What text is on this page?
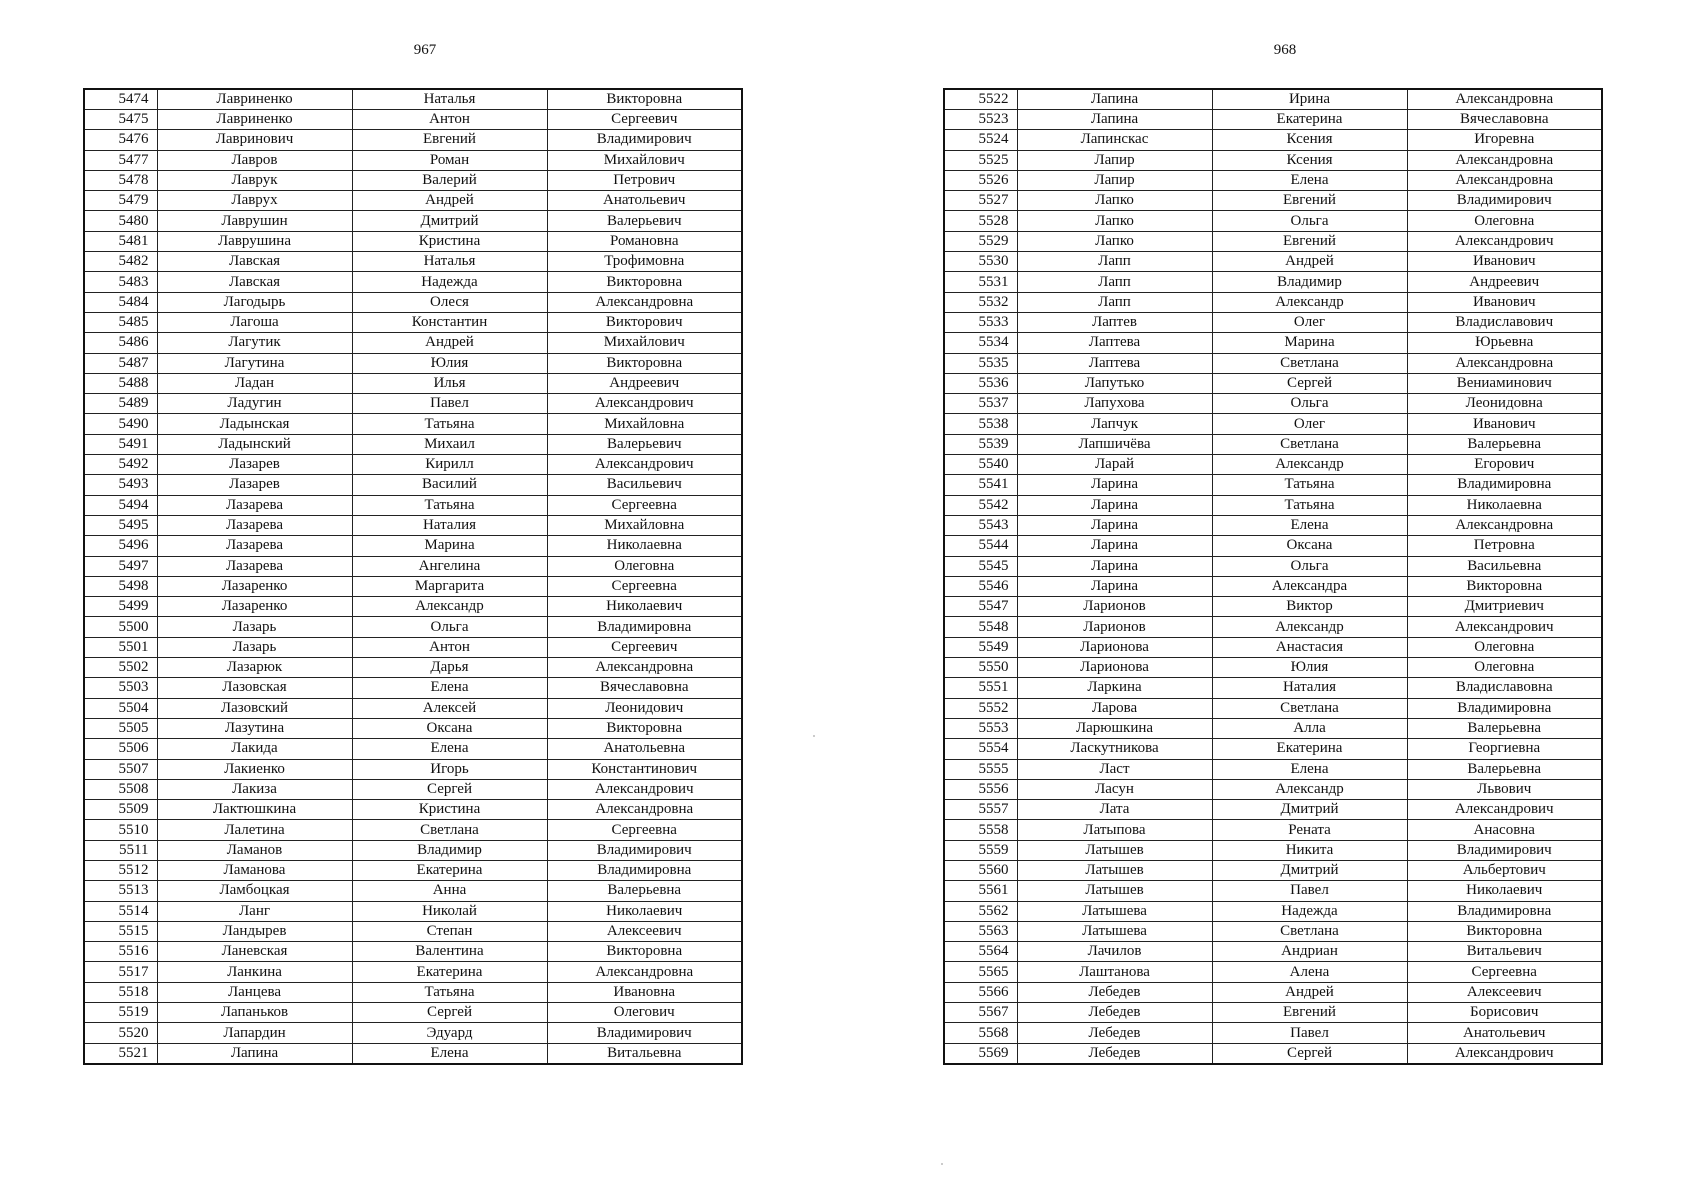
967	968
5474	Лавриненко	Наталья	Викторовна
5475	Лавриненко	Антон	Сергеевич
5476	Лавринович	Евгений	Владимирович
5477	Лавров	Роман	Михайлович
5478	Лаврук	Валерий	Петрович
5479	Лаврух	Андрей	Анатольевич
5480	Лаврушин	Дмитрий	Валерьевич
5481	Лаврушина	Кристина	Романовна
5482	Лавская	Наталья	Трофимовна
5483	Лавская	Надежда	Викторовна
5484	Лагодырь	Олеся	Александровна
5485	Лагоша	Константин	Викторович
5486	Лагутик	Андрей	Михайлович
5487	Лагутина	Юлия	Викторовна
5488	Ладан	Илья	Андреевич
5489	Ладугин	Павел	Александрович
5490	Ладынская	Татьяна	Михайловна
5491	Ладынский	Михаил	Валерьевич
5492	Лазарев	Кирилл	Александрович
5493	Лазарев	Василий	Васильевич
5494	Лазарева	Татьяна	Сергеевна
5495	Лазарева	Наталия	Михайловна
5496	Лазарева	Марина	Николаевна
5497	Лазарева	Ангелина	Олеговна
5498	Лазаренко	Маргарита	Сергеевна
5499	Лазаренко	Александр	Николаевич
5500	Лазарь	Ольга	Владимировна
5501	Лазарь	Антон	Сергеевич
5502	Лазарюк	Дарья	Александровна
5503	Лазовская	Елена	Вячеславовна
5504	Лазовский	Алексей	Леонидович
5505	Лазутина	Оксана	Викторовна
5506	Лакида	Елена	Анатольевна
5507	Лакиенко	Игорь	Константинович
5508	Лакиза	Сергей	Александрович
5509	Лактюшкина	Кристина	Александровна
5510	Лалетина	Светлана	Сергеевна
5511	Ламанов	Владимир	Владимирович
5512	Ламанова	Екатерина	Владимировна
5513	Ламбоцкая	Анна	Валерьевна
5514	Ланг	Николай	Николаевич
5515	Ландырев	Степан	Алексеевич
5516	Ланевская	Валентина	Викторовна
5517	Ланкина	Екатерина	Александровна
5518	Ланцева	Татьяна	Ивановна
5519	Лапаньков	Сергей	Олегович
5520	Лапардин	Эдуард	Владимирович
5521	Лапина	Елена	Витальевна
5522	Лапина	Ирина	Александровна
5523	Лапина	Екатерина	Вячеславовна
5524	Лапинскас	Ксения	Игоревна
5525	Лапир	Ксения	Александровна
5526	Лапир	Елена	Александровна
5527	Лапко	Евгений	Владимирович
5528	Лапко	Ольга	Олеговна
5529	Лапко	Евгений	Александрович
5530	Лапп	Андрей	Иванович
5531	Лапп	Владимир	Андреевич
5532	Лапп	Александр	Иванович
5533	Лаптев	Олег	Владиславович
5534	Лаптева	Марина	Юрьевна
5535	Лаптева	Светлана	Александровна
5536	Лапутько	Сергей	Вениаминович
5537	Лапухова	Ольга	Леонидовна
5538	Лапчук	Олег	Иванович
5539	Лапшичёва	Светлана	Валерьевна
5540	Ларай	Александр	Егорович
5541	Ларина	Татьяна	Владимировна
5542	Ларина	Татьяна	Николаевна
5543	Ларина	Елена	Александровна
5544	Ларина	Оксана	Петровна
5545	Ларина	Ольга	Васильевна
5546	Ларина	Александра	Викторовна
5547	Ларионов	Виктор	Дмитриевич
5548	Ларионов	Александр	Александрович
5549	Ларионова	Анастасия	Олеговна
5550	Ларионова	Юлия	Олеговна
5551	Ларкина	Наталия	Владиславовна
5552	Ларова	Светлана	Владимировна
5553	Ларюшкина	Алла	Валерьевна
5554	Ласкутникова	Екатерина	Георгиевна
5555	Ласт	Елена	Валерьевна
5556	Ласун	Александр	Львович
5557	Лата	Дмитрий	Александрович
5558	Латыпова	Рената	Анасовна
5559	Латышев	Никита	Владимирович
5560	Латышев	Дмитрий	Альбертович
5561	Латышев	Павел	Николаевич
5562	Латышева	Надежда	Владимировна
5563	Латышева	Светлана	Викторовна
5564	Лачилов	Андриан	Витальевич
5565	Лаштанова	Алена	Сергеевна
5566	Лебедев	Андрей	Алексеевич
5567	Лебедев	Евгений	Борисович
5568	Лебедев	Павел	Анатольевич
5569	Лебедев	Сергей	Александрович
